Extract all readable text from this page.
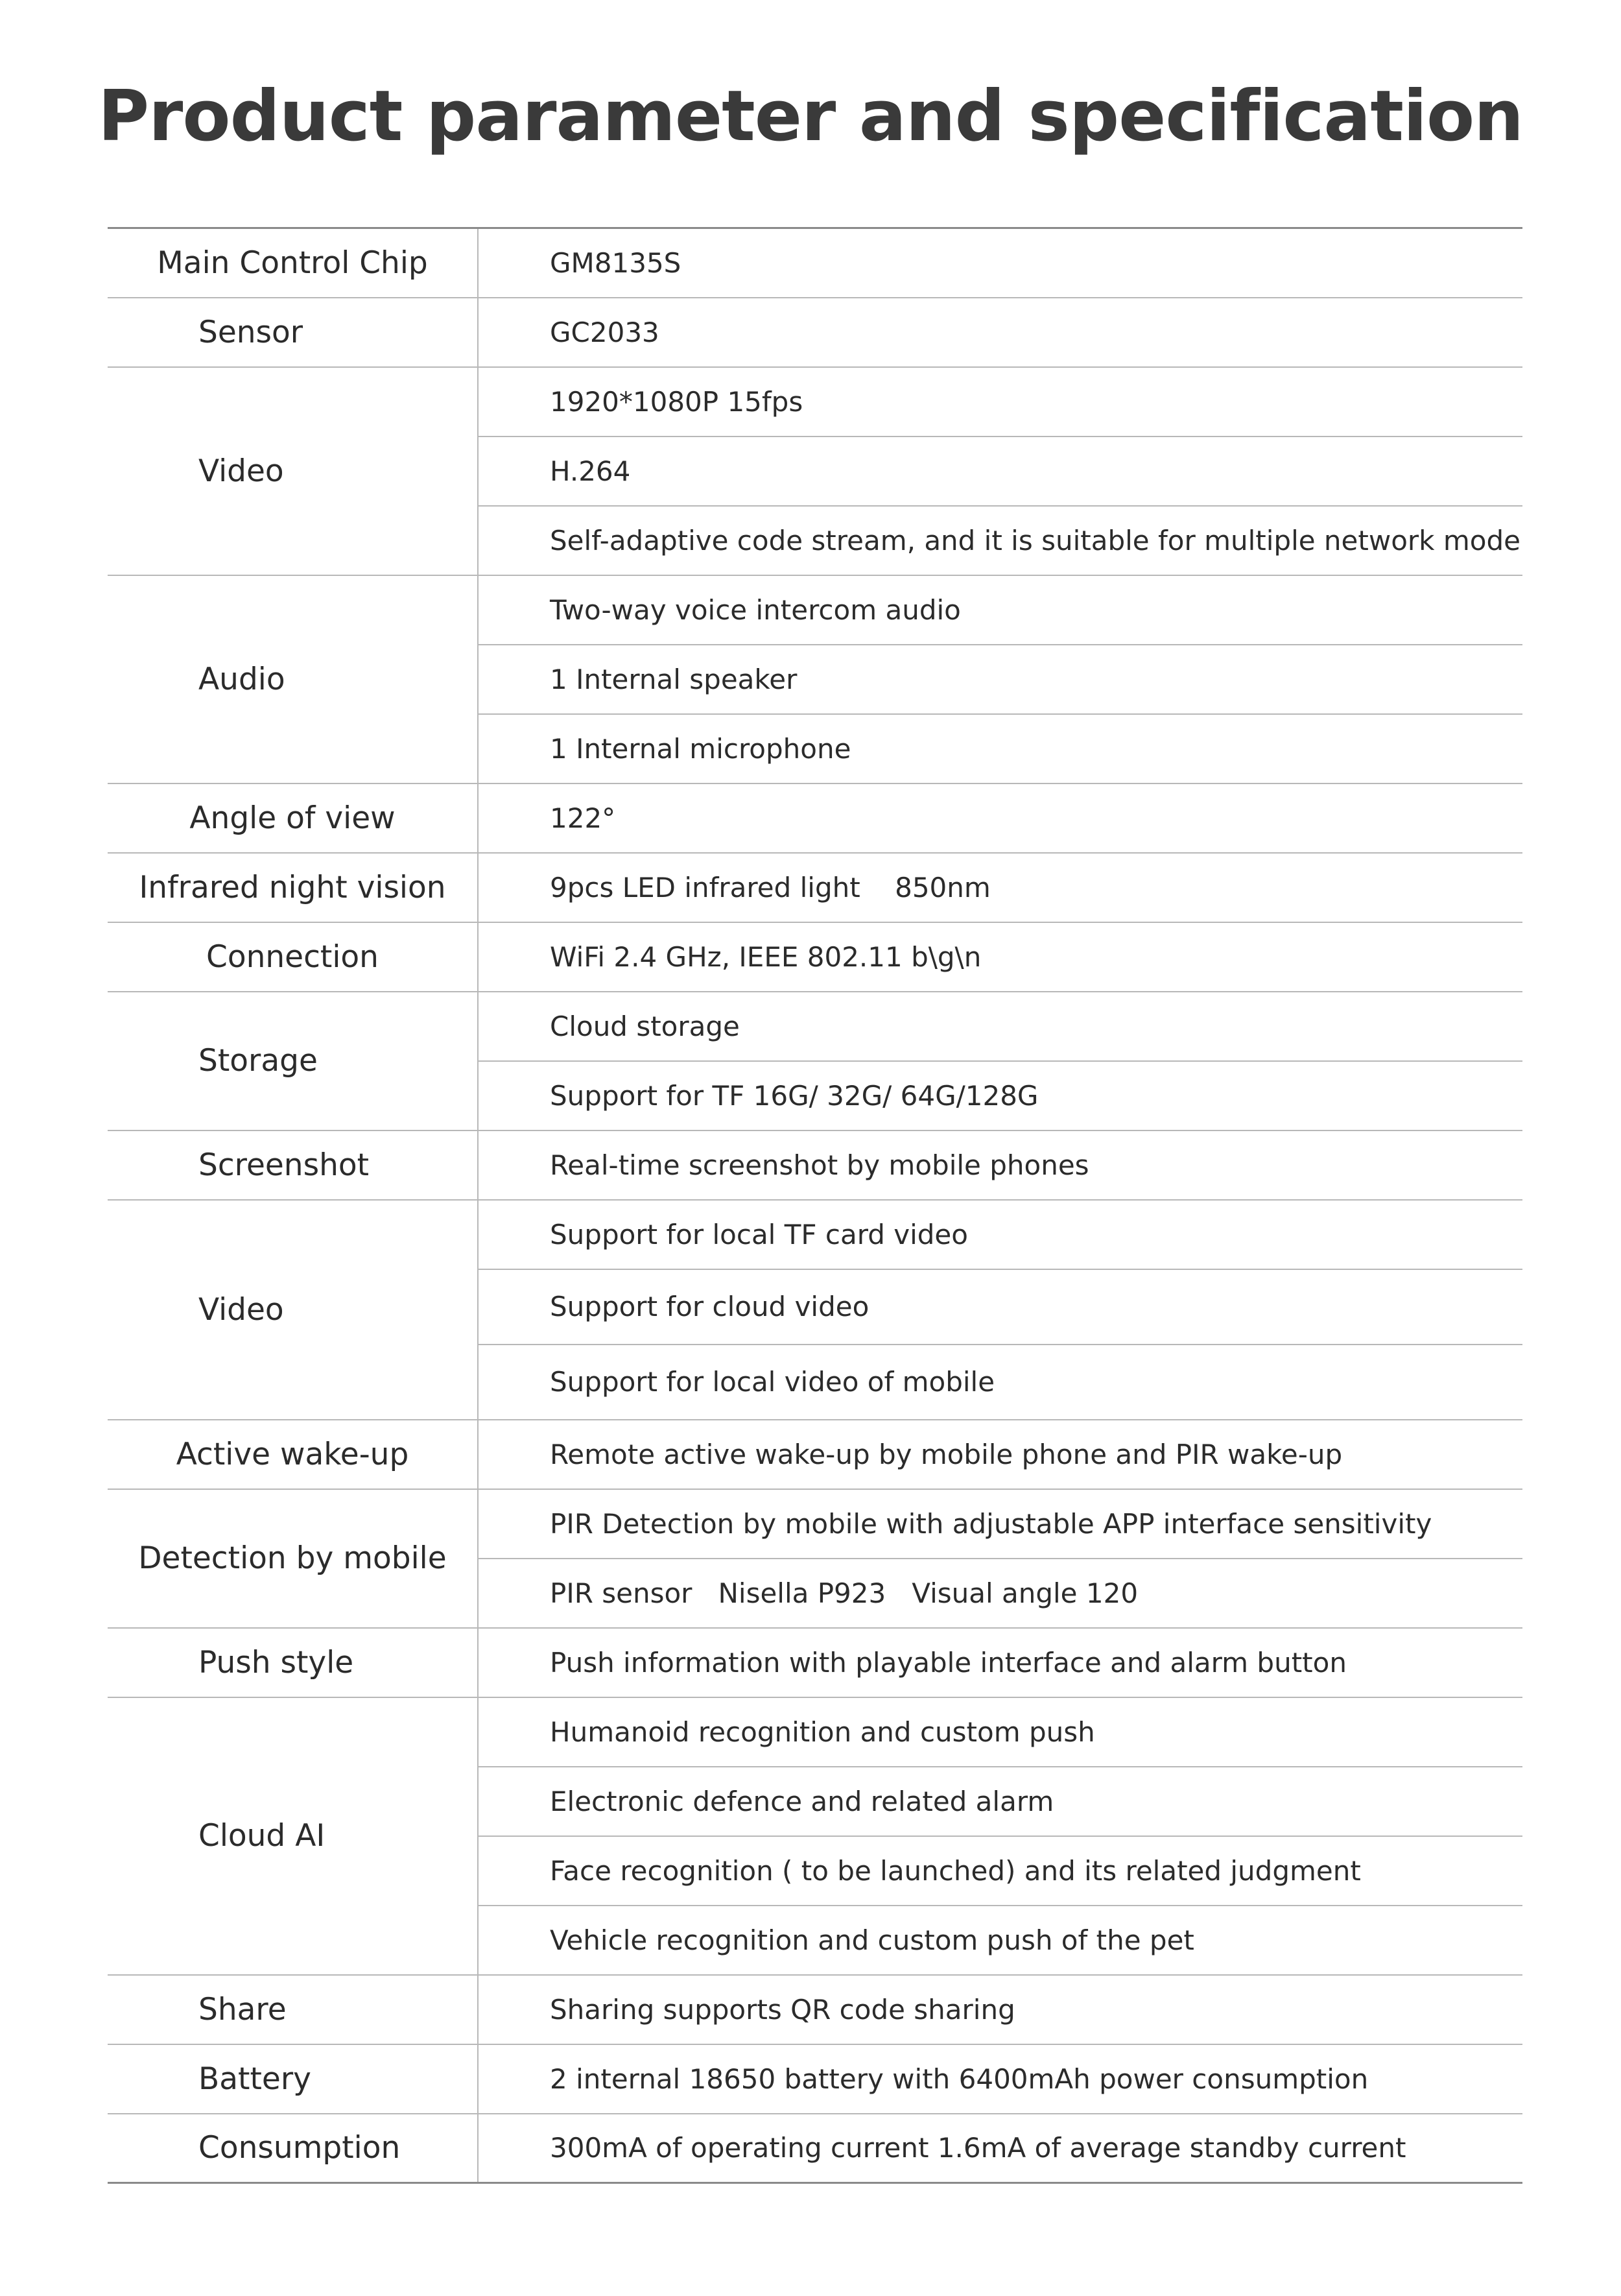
Product parameter and specification
Main Control Chip	GM8135S
Sensor	GC2033
Video	1920*1080P 15fps
	H.264
	Self-adaptive code stream, and it is suitable for multiple network mode
Audio	Two-way voice intercom audio
	1 Internal speaker
	1 Internal microphone
Angle of view	122°
Infrared night vision	9pcs LED infrared light    850nm
Connection	WiFi 2.4 GHz, IEEE 802.11 b\g\n
Storage	Cloud storage
	Support for TF 16G/ 32G/ 64G/128G
Screenshot	Real-time screenshot by mobile phones
Video	Support for local TF card video
	Support for cloud video
	Support for local video of mobile
Active wake-up	Remote active wake-up by mobile phone and PIR wake-up
Detection by mobile	PIR Detection by mobile with adjustable APP interface sensitivity
	PIR sensor   Nisella P923   Visual angle 120
Push style	Push information with playable interface and alarm button
Cloud AI	Humanoid recognition and custom push
	Electronic defence and related alarm
	Face recognition ( to be launched) and its related judgment
	Vehicle recognition and custom push of the pet
Share	Sharing supports QR code sharing
Battery	2 internal 18650 battery with 6400mAh power consumption
Consumption	300mA of operating current 1.6mA of average standby current
